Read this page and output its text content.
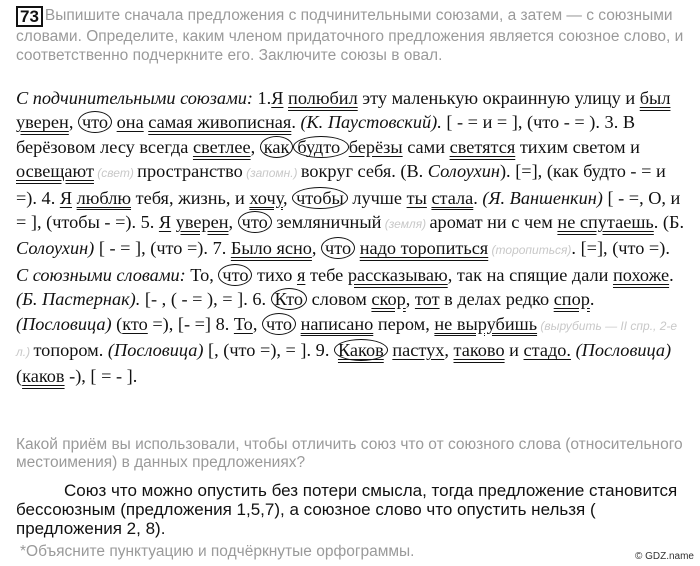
73 Выпишите сначала предложения с подчинительными союзами, а затем — с союзными словами. Определите, каким членом придаточного предложения является союзное слово, и соответственно подчеркните его. Заключите союзы в овал.

С подчинительными союзами: 1.Я полюбил эту маленькую окраинную улицу и был уверен, что она самая живописная. (К. Паустовский). [ - = и = ], (что - = ). 3. В берёзовом лесу всегда светлее, как будто берёзы сами светятся тихим светом и освещают (свет) пространство (запомн.) вокруг себя. (В. Солоухин). [=], (как будто - = и =). 4. Я люблю тебя, жизнь, и хочу, чтобы лучше ты стала. (Я. Ваншенкин) [ - =, О, и = ], (чтобы - =). 5. Я уверен, что земляничный (земля) аромат ни с чем не спутаешь. (Б. Солоухин) [ - = ], (что =). 7. Было ясно, что надо торопиться (торопиться). [=], (что =).

С союзными словами: То, что тихо я тебе рассказываю, так на спящие дали похоже. (Б. Пастернак). [- , ( - = ), = ]. 6. Кто словом скор, тот в делах редко спор. (Пословица) (кто =), [- =] 8. То, что написано пером, не вырубишь (вырубить — II спр., 2-е л.) топором. (Пословица) [, (что =), = ]. 9. Каков пастух, таково и стадо. (Пословица) (каков -), [ = - ].

Какой приём вы использовали, чтобы отличить союз что от союзного слова (относительного местоимения) в данных предложениях?
Союз что можно опустить без потери смысла, тогда предложение становится бессоюзным (предложения 1,5,7), а союзное слово что опустить нельзя ( предложения 2, 8).
*Объясните пунктуацию и подчёркнутые орфограммы.	© GDZ.name
